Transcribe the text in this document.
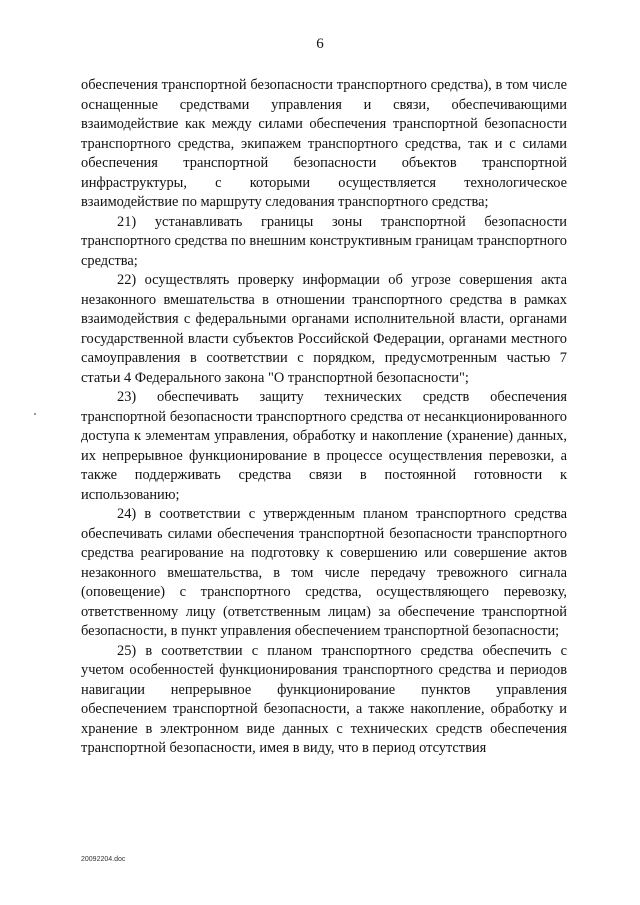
6

обеспечения транспортной безопасности транспортного средства), в том числе оснащенные средствами управления и связи, обеспечивающими взаимодействие как между силами обеспечения транспортной безопасности транспортного средства, экипажем транспортного средства, так и с силами обеспечения транспортной безопасности объектов транспортной инфраструктуры, с которыми осуществляется технологическое взаимодействие по маршруту следования транспортного средства;

21) устанавливать границы зоны транспортной безопасности транспортного средства по внешним конструктивным границам транспортного средства;

22) осуществлять проверку информации об угрозе совершения акта незаконного вмешательства в отношении транспортного средства в рамках взаимодействия с федеральными органами исполнительной власти, органами государственной власти субъектов Российской Федерации, органами местного самоуправления в соответствии с порядком, предусмотренным частью 7 статьи 4 Федерального закона "О транспортной безопасности";

23) обеспечивать защиту технических средств обеспечения транспортной безопасности транспортного средства от несанкционированного доступа к элементам управления, обработку и накопление (хранение) данных, их непрерывное функционирование в процессе осуществления перевозки, а также поддерживать средства связи в постоянной готовности к использованию;

24) в соответствии с утвержденным планом транспортного средства обеспечивать силами обеспечения транспортной безопасности транспортного средства реагирование на подготовку к совершению или совершение актов незаконного вмешательства, в том числе передачу тревожного сигнала (оповещение) с транспортного средства, осуществляющего перевозку, ответственному лицу (ответственным лицам) за обеспечение транспортной безопасности, в пункт управления обеспечением транспортной безопасности;

25) в соответствии с планом транспортного средства обеспечить с учетом особенностей функционирования транспортного средства и периодов навигации непрерывное функционирование пунктов управления обеспечением транспортной безопасности, а также накопление, обработку и хранение в электронном виде данных с технических средств обеспечения транспортной безопасности, имея в виду, что в период отсутствия

20092204.doc
